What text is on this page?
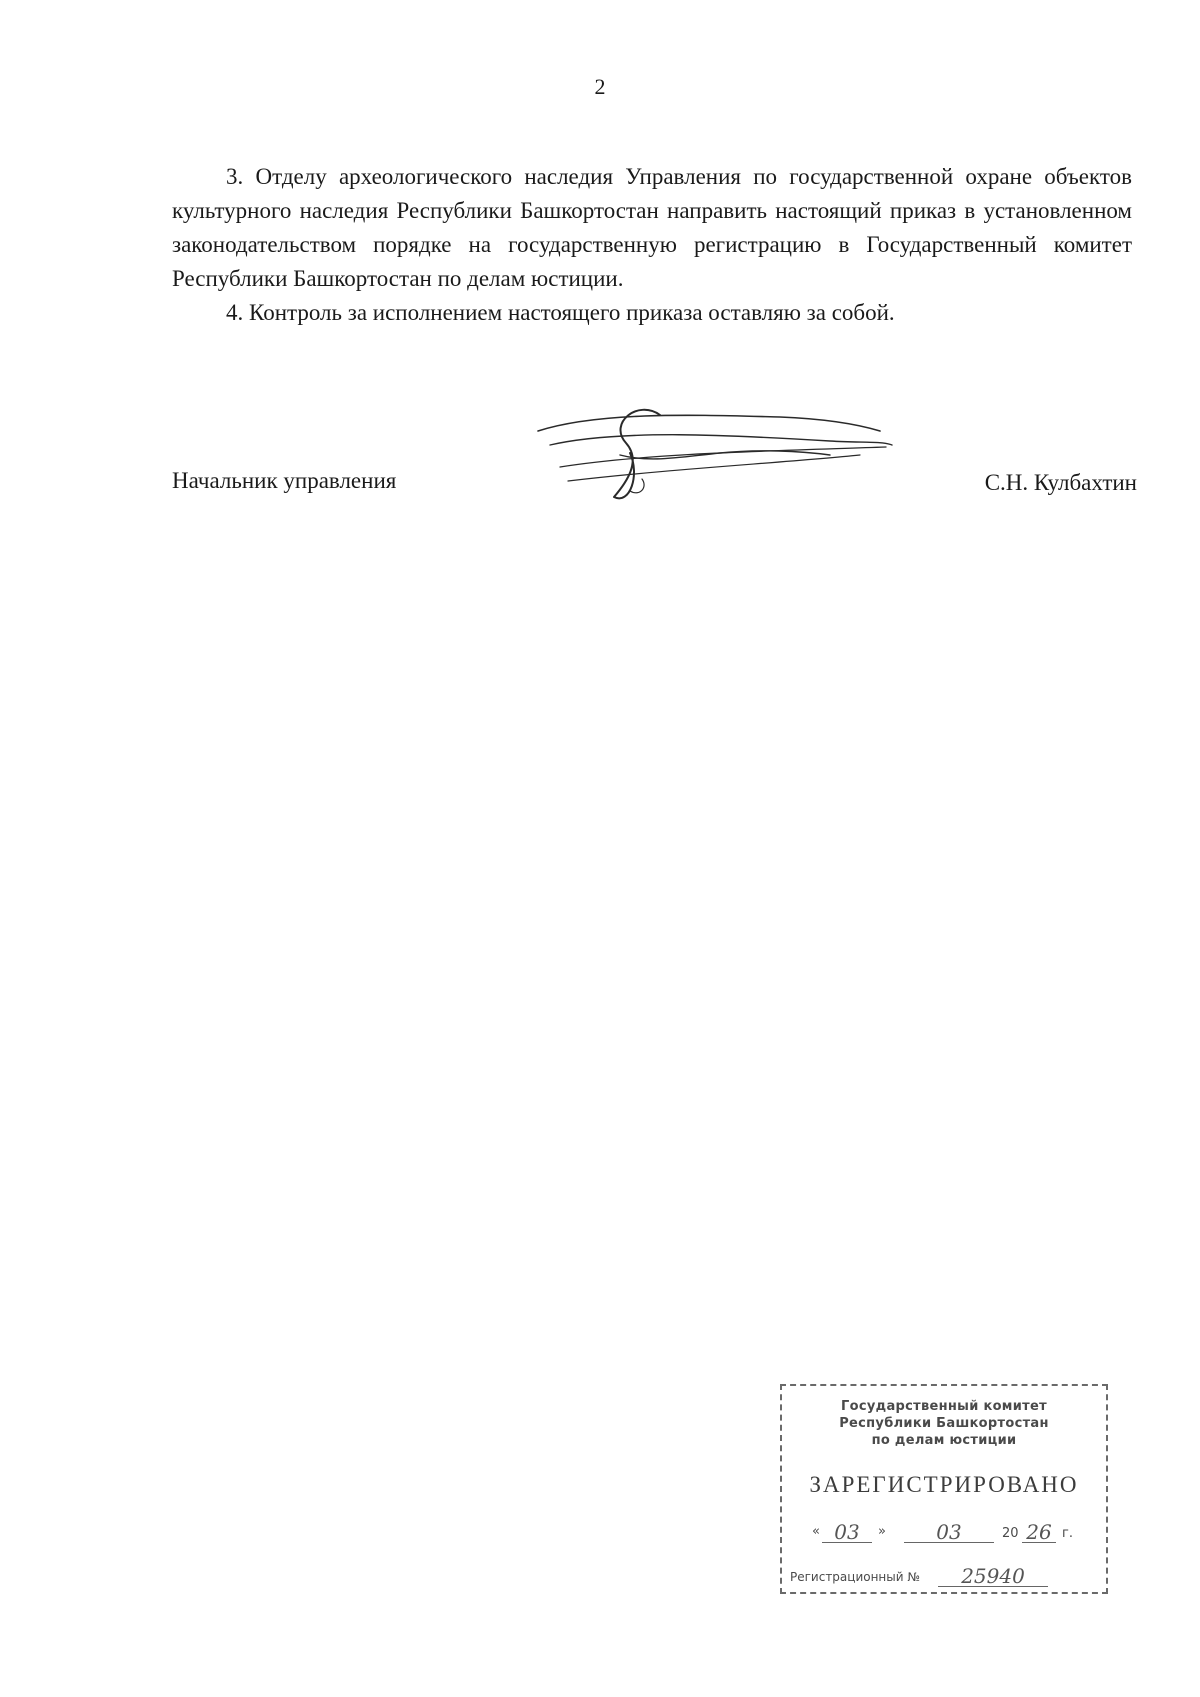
2

3. Отделу археологического наследия Управления по государственной охране объектов культурного наследия Республики Башкортостан направить настоящий приказ в установленном законодательством порядке на государственную регистрацию в Государственный комитет Республики Башкортостан по делам юстиции.

4. Контроль за исполнением настоящего приказа оставляю за собой.

Начальник управления	С.Н. Кулбахтин
Государственный комитет
Республики Башкортостан
по делам юстиции
ЗАРЕГИСТРИРОВАНО
« 03	»	03	20 26 г.
Регистрационный №	25940
